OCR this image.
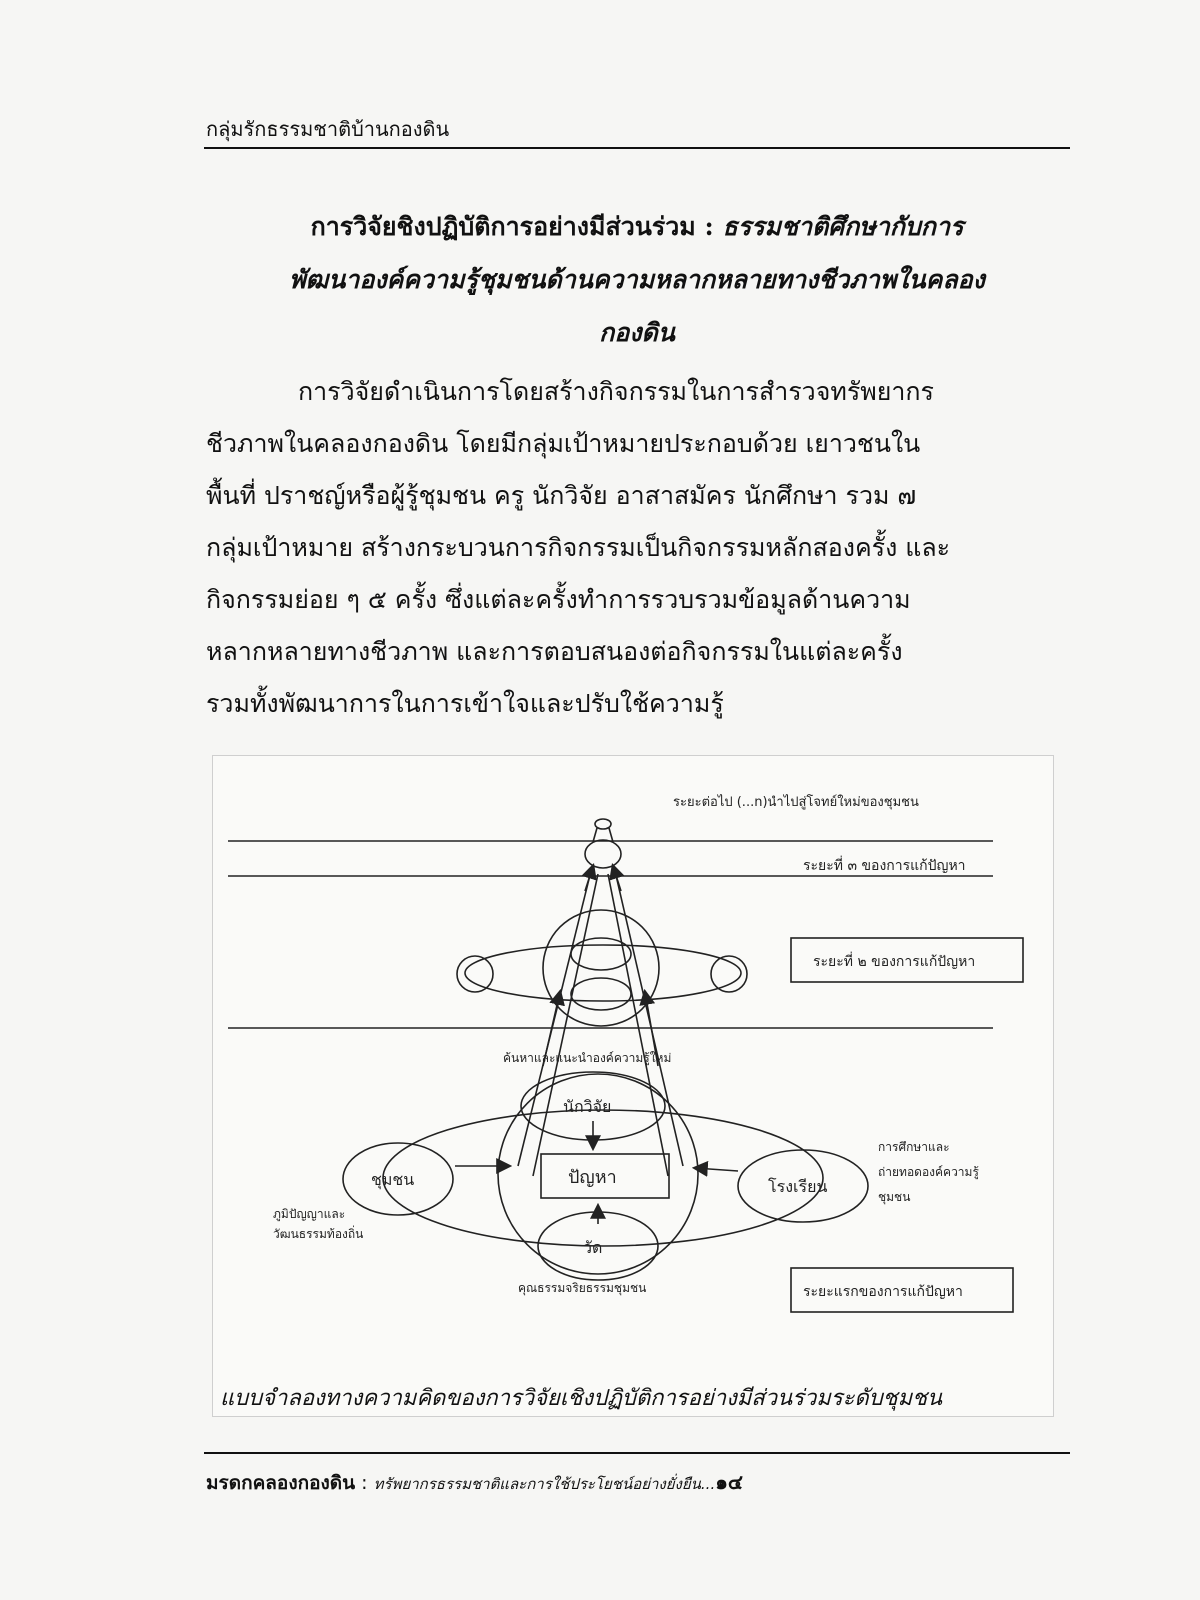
กลุ่มรักธรรมชาติบ้านกองดิน
การวิจัยชิงปฏิบัติการอย่างมีส่วนร่วม : ธรรมชาติศึกษากับการ
พัฒนาองค์ความรู้ชุมชนด้านความหลากหลายทางชีวภาพในคลอง
กองดิน
การวิจัยดำเนินการโดยสร้างกิจกรรมในการสำรวจทรัพยากร
ชีวภาพในคลองกองดิน โดยมีกลุ่มเป้าหมายประกอบด้วย เยาวชนใน
พื้นที่ ปราชญ์หรือผู้รู้ชุมชน ครู นักวิจัย อาสาสมัคร นักศึกษา รวม ๗
กลุ่มเป้าหมาย สร้างกระบวนการกิจกรรมเป็นกิจกรรมหลักสองครั้ง และ
กิจกรรมย่อย ๆ ๕ ครั้ง ซึ่งแต่ละครั้งทำการรวบรวมข้อมูลด้านความ
หลากหลายทางชีวภาพ และการตอบสนองต่อกิจกรรมในแต่ละครั้ง
รวมทั้งพัฒนาการในการเข้าใจและปรับใช้ความรู้
ระยะต่อไป (...n)นำไปสู่โจทย์ใหม่ของชุมชน
ระยะที่ ๓ ของการแก้ปัญหา
ระยะที่ ๒ ของการแก้ปัญหา
ค้นหาและแนะนำองค์ความรู้ใหม่
นักวิจัย
ปัญหา
ชุมชน	โรงเรียน
วัด
ภูมิปัญญาและ
วัฒนธรรมท้องถิ่น
การศึกษาและ
ถ่ายทอดองค์ความรู้
ชุมชน
คุณธรรมจริยธรรมชุมชน	ระยะแรกของการแก้ปัญหา
แบบจำลองทางความคิดของการวิจัยเชิงปฏิบัติการอย่างมีส่วนร่วมระดับชุมชน
มรดกคลองกองดิน : ทรัพยากรธรรมชาติและการใช้ประโยชน์อย่างยั่งยืน...๑๔
